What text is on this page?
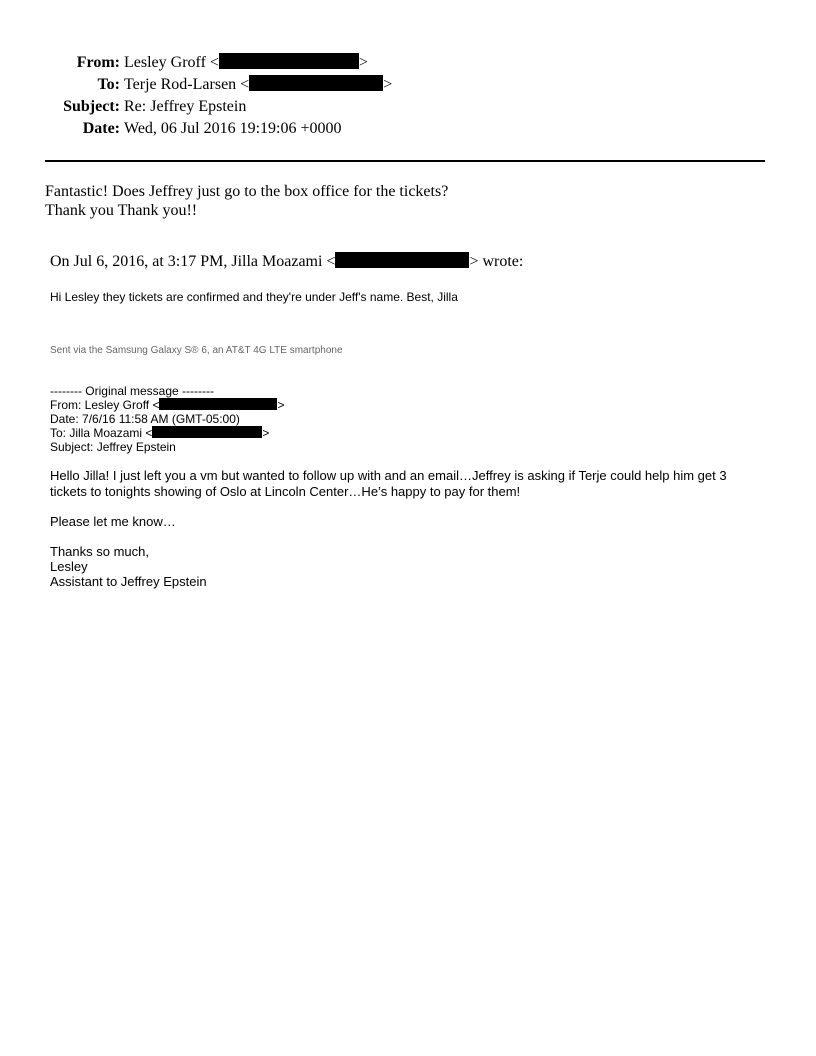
From: Lesley Groff <	>
To: Terje Rod-Larsen <	>
Subject: Re: Jeffrey Epstein
Date: Wed, 06 Jul 2016 19:19:06 +0000
Fantastic! Does Jeffrey just go to the box office for the tickets?
Thank you Thank you!!
On Jul 6, 2016, at 3:17 PM, Jilla Moazami <	> wrote:
Hi Lesley they tickets are confirmed and they're under Jeff's name. Best, Jilla
Sent via the Samsung Galaxy S® 6, an AT&T 4G LTE smartphone
-------- Original message --------
From: Lesley Groff <	>
Date: 7/6/16 11:58 AM (GMT-05:00)
To: Jilla Moazami <	>
Subject: Jeffrey Epstein
Hello Jilla! I just left you a vm but wanted to follow up with and an email…Jeffrey is asking if Terje could help him get 3
tickets to tonights showing of Oslo at Lincoln Center…He’s happy to pay for them!
Please let me know…
Thanks so much,
Lesley
Assistant to Jeffrey Epstein
